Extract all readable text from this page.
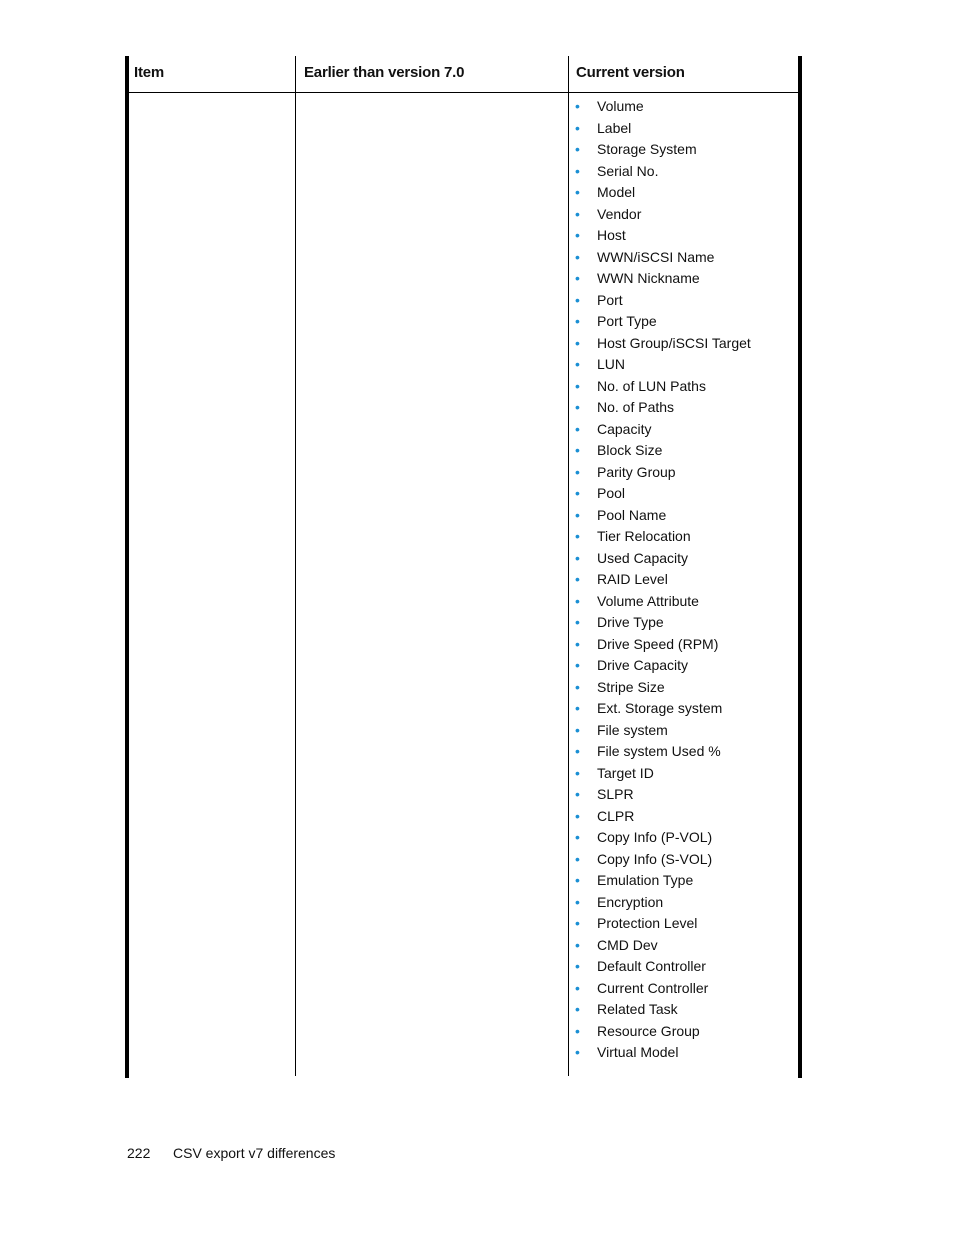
Item	Earlier than version 7.0	Current version
• Volume
• Label
• Storage System
• Serial No.
• Model
• Vendor
• Host
• WWN/iSCSI Name
• WWN Nickname
• Port
• Port Type
• Host Group/iSCSI Target
• LUN
• No. of LUN Paths
• No. of Paths
• Capacity
• Block Size
• Parity Group
• Pool
• Pool Name
• Tier Relocation
• Used Capacity
• RAID Level
• Volume Attribute
• Drive Type
• Drive Speed (RPM)
• Drive Capacity
• Stripe Size
• Ext. Storage system
• File system
• File system Used %
• Target ID
• SLPR
• CLPR
• Copy Info (P-VOL)
• Copy Info (S-VOL)
• Emulation Type
• Encryption
• Protection Level
• CMD Dev
• Default Controller
• Current Controller
• Related Task
• Resource Group
• Virtual Model
222 CSV export v7 differences
